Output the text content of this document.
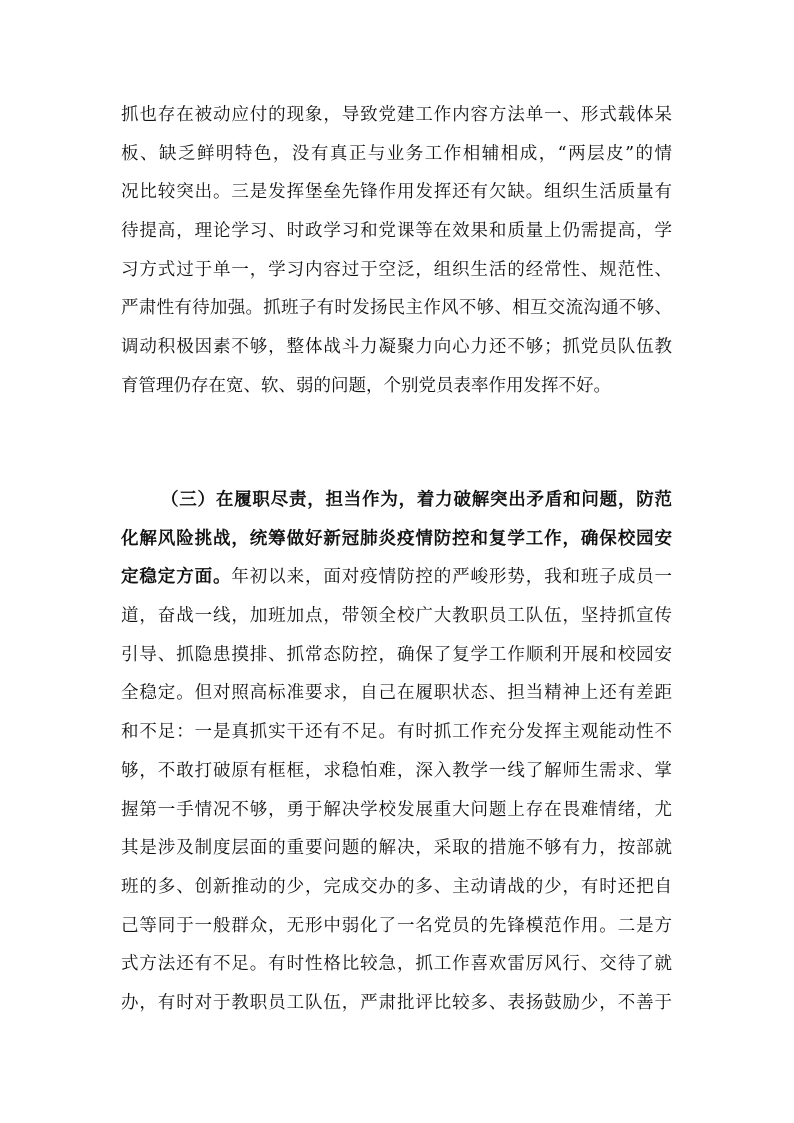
抓也存在被动应付的现象，导致党建工作内容方法单一、形式载体呆
板、缺乏鲜明特色，没有真正与业务工作相辅相成，“两层皮”的情
况比较突出。三是发挥堡垒先锋作用发挥还有欠缺。组织生活质量有
待提高，理论学习、时政学习和党课等在效果和质量上仍需提高，学
习方式过于单一，学习内容过于空泛，组织生活的经常性、规范性、
严肃性有待加强。抓班子有时发扬民主作风不够、相互交流沟通不够、
调动积极因素不够，整体战斗力凝聚力向心力还不够；抓党员队伍教
育管理仍存在宽、软、弱的问题，个别党员表率作用发挥不好。
（三）在履职尽责，担当作为，着力破解突出矛盾和问题，防范
化解风险挑战，统筹做好新冠肺炎疫情防控和复学工作，确保校园安
定稳定方面。年初以来，面对疫情防控的严峻形势，我和班子成员一
道，奋战一线，加班加点，带领全校广大教职员工队伍，坚持抓宣传
引导、抓隐患摸排、抓常态防控，确保了复学工作顺利开展和校园安
全稳定。但对照高标准要求，自己在履职状态、担当精神上还有差距
和不足：一是真抓实干还有不足。有时抓工作充分发挥主观能动性不
够，不敢打破原有框框，求稳怕难，深入教学一线了解师生需求、掌
握第一手情况不够，勇于解决学校发展重大问题上存在畏难情绪，尤
其是涉及制度层面的重要问题的解决，采取的措施不够有力，按部就
班的多、创新推动的少，完成交办的多、主动请战的少，有时还把自
己等同于一般群众，无形中弱化了一名党员的先锋模范作用。二是方
式方法还有不足。有时性格比较急，抓工作喜欢雷厉风行、交待了就
办，有时对于教职员工队伍，严肃批评比较多、表扬鼓励少，不善于
